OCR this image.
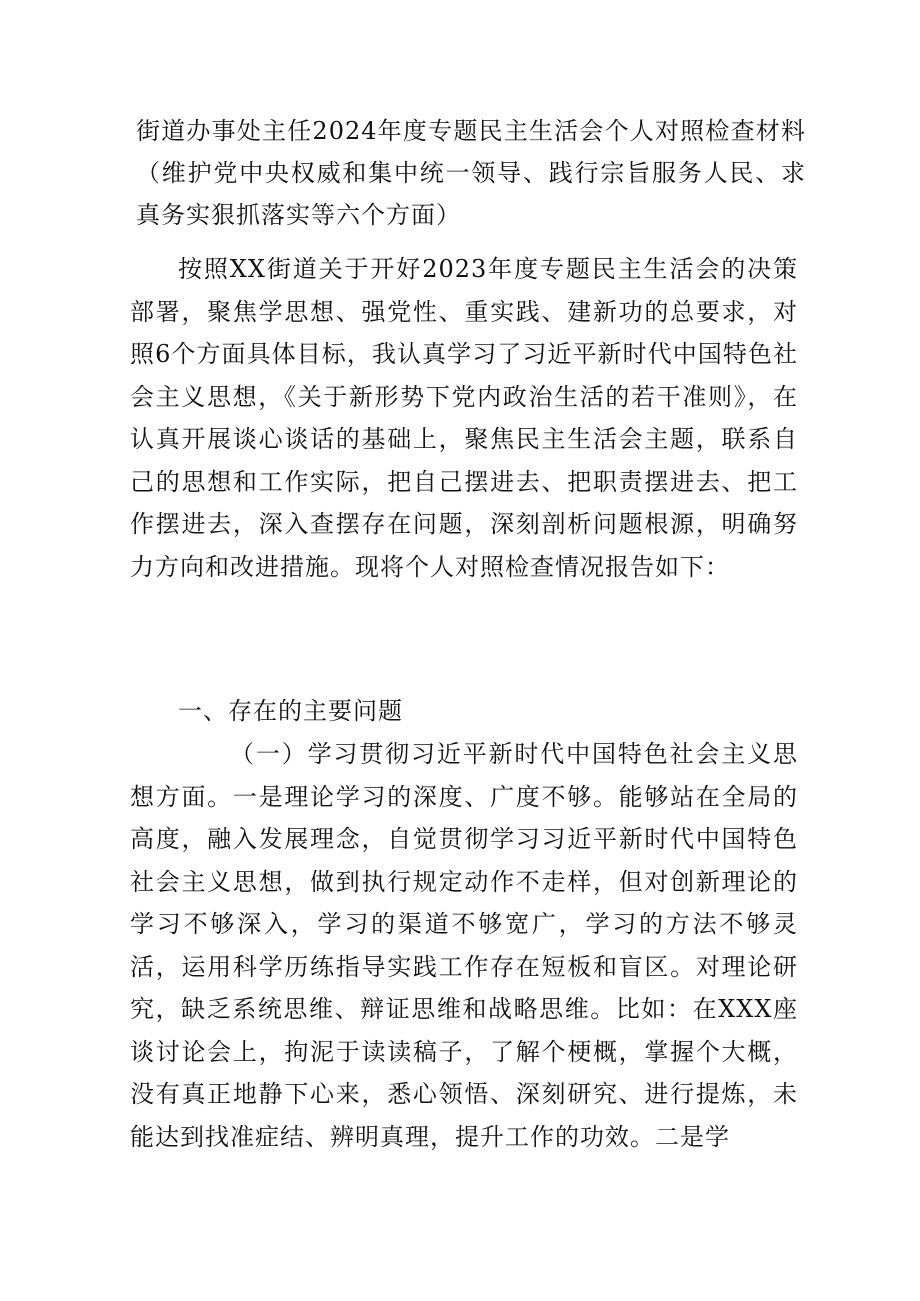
街道办事处主任2024年度专题民主生活会个人对照检查材料（维护党中央权威和集中统一领导、践行宗旨服务人民、求真务实狠抓落实等六个方面）

按照XX街道关于开好2023年度专题民主生活会的决策部署，聚焦学思想、强党性、重实践、建新功的总要求，对照6个方面具体目标，我认真学习了习近平新时代中国特色社会主义思想，《关于新形势下党内政治生活的若干准则》，在认真开展谈心谈话的基础上，聚焦民主生活会主题，联系自己的思想和工作实际，把自己摆进去、把职责摆进去、把工作摆进去，深入查摆存在问题，深刻剖析问题根源，明确努力方向和改进措施。现将个人对照检查情况报告如下：

一、存在的主要问题

（一）学习贯彻习近平新时代中国特色社会主义思想方面。一是理论学习的深度、广度不够。能够站在全局的高度，融入发展理念，自觉贯彻学习习近平新时代中国特色社会主义思想，做到执行规定动作不走样，但对创新理论的学习不够深入，学习的渠道不够宽广，学习的方法不够灵活，运用科学历练指导实践工作存在短板和盲区。对理论研究，缺乏系统思维、辩证思维和战略思维。比如：在XXX座谈讨论会上，拘泥于读读稿子，了解个梗概，掌握个大概，没有真正地静下心来，悉心领悟、深刻研究、进行提炼，未能达到找准症结、辨明真理，提升工作的功效。二是学
